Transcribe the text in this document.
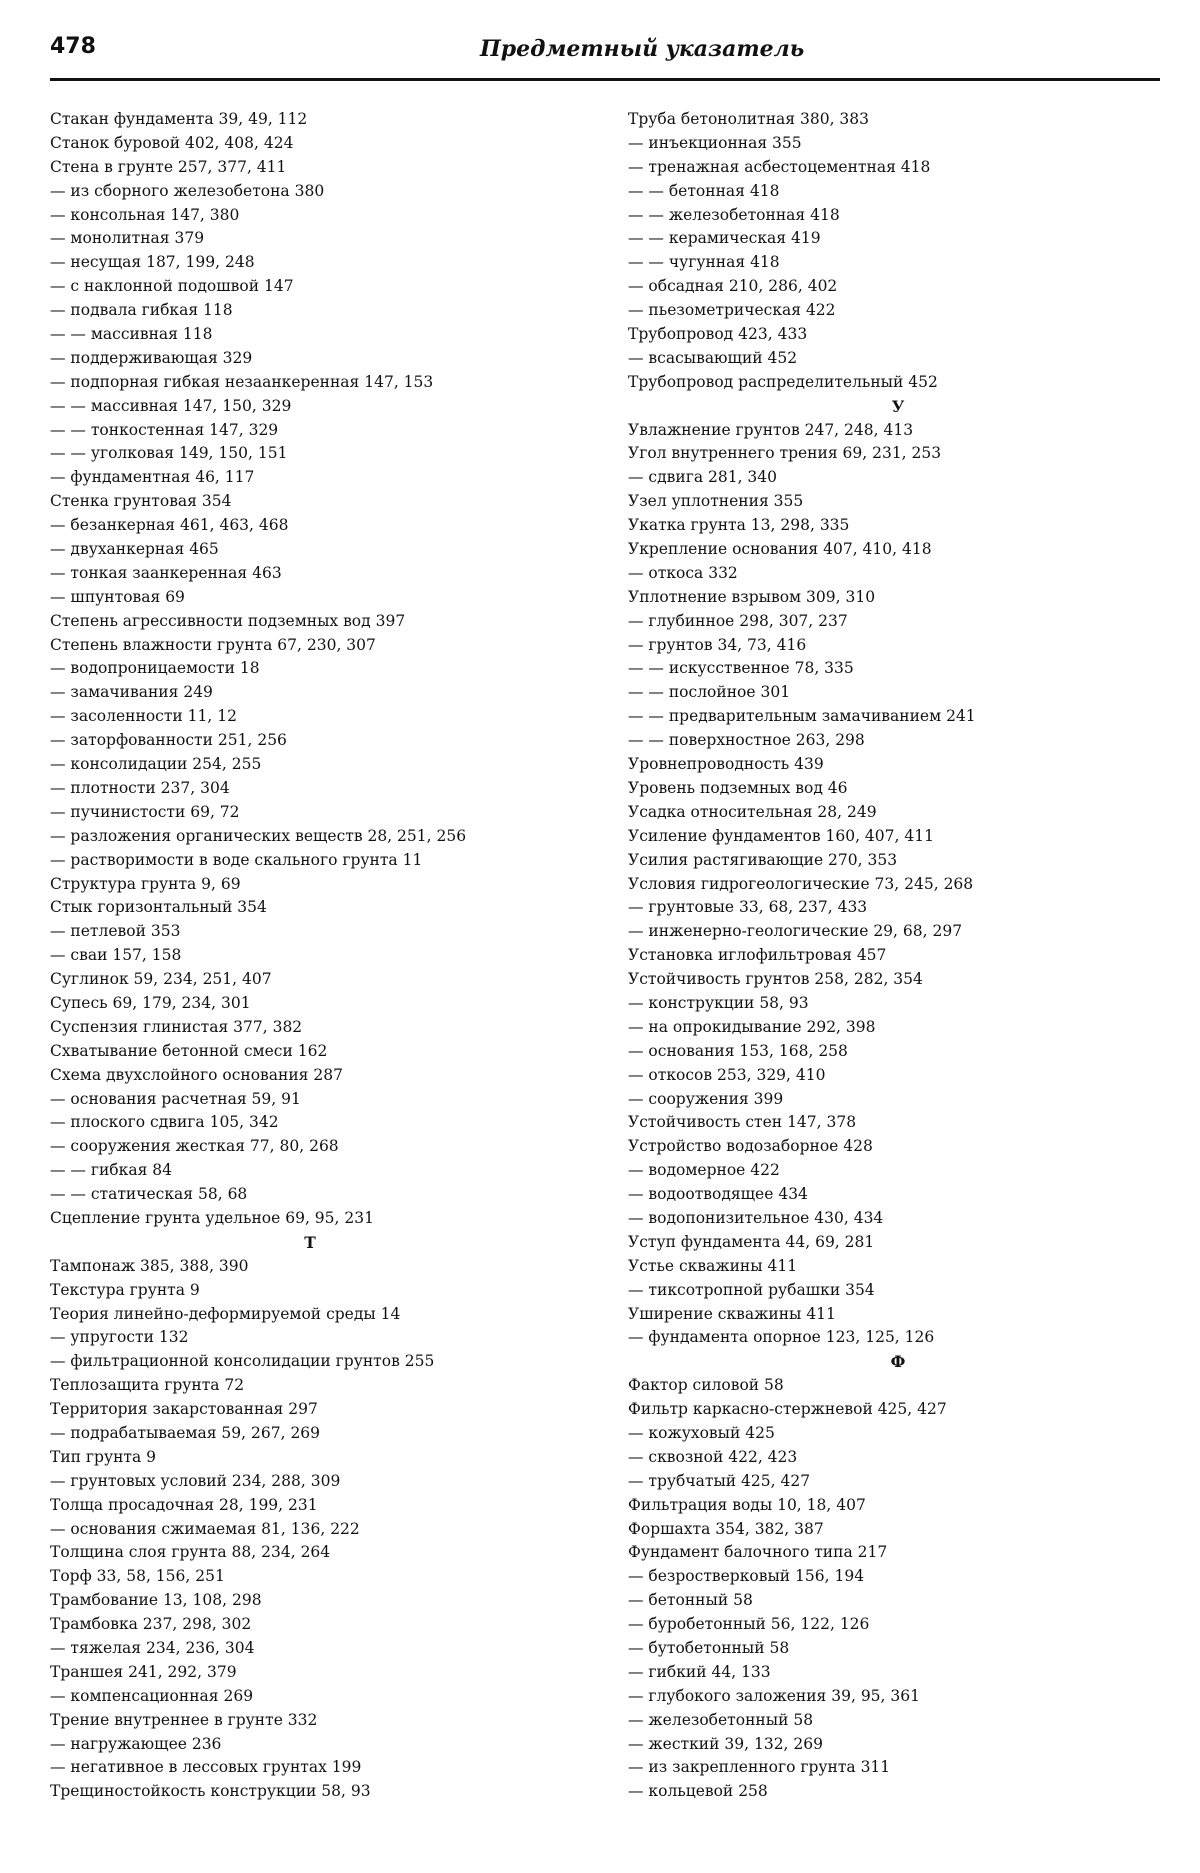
478	Предметный указатель
Стакан фундамента 39, 49, 112
Станок буровой 402, 408, 424
Стена в грунте 257, 377, 411
— из сборного железобетона 380
— консольная 147, 380
— монолитная 379
— несущая 187, 199, 248
— с наклонной подошвой 147
— подвала гибкая 118
— — массивная 118
— поддерживающая 329
— подпорная гибкая незаанкеренная 147, 153
— — массивная 147, 150, 329
— — тонкостенная 147, 329
— — уголковая 149, 150, 151
— фундаментная 46, 117
Стенка грунтовая 354
— безанкерная 461, 463, 468
— двуханкерная 465
— тонкая заанкеренная 463
— шпунтовая 69
Степень агрессивности подземных вод 397
Степень влажности грунта 67, 230, 307
— водопроницаемости 18
— замачивания 249
— засоленности 11, 12
— заторфованности 251, 256
— консолидации 254, 255
— плотности 237, 304
— пучинистости 69, 72
— разложения органических веществ 28, 251, 256
— растворимости в воде скального грунта 11
Структура грунта 9, 69
Стык горизонтальный 354
— петлевой 353
— сваи 157, 158
Суглинок 59, 234, 251, 407
Супесь 69, 179, 234, 301
Суспензия глинистая 377, 382
Схватывание бетонной смеси 162
Схема двухслойного основания 287
— основания расчетная 59, 91
— плоского сдвига 105, 342
— сооружения жесткая 77, 80, 268
— — гибкая 84
— — статическая 58, 68
Сцепление грунта удельное 69, 95, 231
Т
Тампонаж 385, 388, 390
Текстура грунта 9
Теория линейно-деформируемой среды 14
— упругости 132
— фильтрационной консолидации грунтов 255
Теплозащита грунта 72
Территория закарстованная 297
— подрабатываемая 59, 267, 269
Тип грунта 9
— грунтовых условий 234, 288, 309
Толща просадочная 28, 199, 231
— основания сжимаемая 81, 136, 222
Толщина слоя грунта 88, 234, 264
Торф 33, 58, 156, 251
Трамбование 13, 108, 298
Трамбовка 237, 298, 302
— тяжелая 234, 236, 304
Траншея 241, 292, 379
— компенсационная 269
Трение внутреннее в грунте 332
— нагружающее 236
— негативное в лессовых грунтах 199
Трещиностойкость конструкции 58, 93
Труба бетонолитная 380, 383
— инъекционная 355
— тренажная асбестоцементная 418
— — бетонная 418
— — железобетонная 418
— — керамическая 419
— — чугунная 418
— обсадная 210, 286, 402
— пьезометрическая 422
Трубопровод 423, 433
— всасывающий 452
Трубопровод распределительный 452
У
Увлажнение грунтов 247, 248, 413
Угол внутреннего трения 69, 231, 253
— сдвига 281, 340
Узел уплотнения 355
Укатка грунта 13, 298, 335
Укрепление основания 407, 410, 418
— откоса 332
Уплотнение взрывом 309, 310
— глубинное 298, 307, 237
— грунтов 34, 73, 416
— — искусственное 78, 335
— — послойное 301
— — предварительным замачиванием 241
— — поверхностное 263, 298
Уровнепроводность 439
Уровень подземных вод 46
Усадка относительная 28, 249
Усиление фундаментов 160, 407, 411
Усилия растягивающие 270, 353
Условия гидрогеологические 73, 245, 268
— грунтовые 33, 68, 237, 433
— инженерно-геологические 29, 68, 297
Установка иглофильтровая 457
Устойчивость грунтов 258, 282, 354
— конструкции 58, 93
— на опрокидывание 292, 398
— основания 153, 168, 258
— откосов 253, 329, 410
— сооружения 399
Устойчивость стен 147, 378
Устройство водозаборное 428
— водомерное 422
— водоотводящее 434
— водопонизительное 430, 434
Уступ фундамента 44, 69, 281
Устье скважины 411
— тиксотропной рубашки 354
Уширение скважины 411
— фундамента опорное 123, 125, 126
Ф
Фактор силовой 58
Фильтр каркасно-стержневой 425, 427
— кожуховый 425
— сквозной 422, 423
— трубчатый 425, 427
Фильтрация воды 10, 18, 407
Форшахта 354, 382, 387
Фундамент балочного типа 217
— безростверковый 156, 194
— бетонный 58
— буробетонный 56, 122, 126
— бутобетонный 58
— гибкий 44, 133
— глубокого заложения 39, 95, 361
— железобетонный 58
— жесткий 39, 132, 269
— из закрепленного грунта 311
— кольцевой 258
